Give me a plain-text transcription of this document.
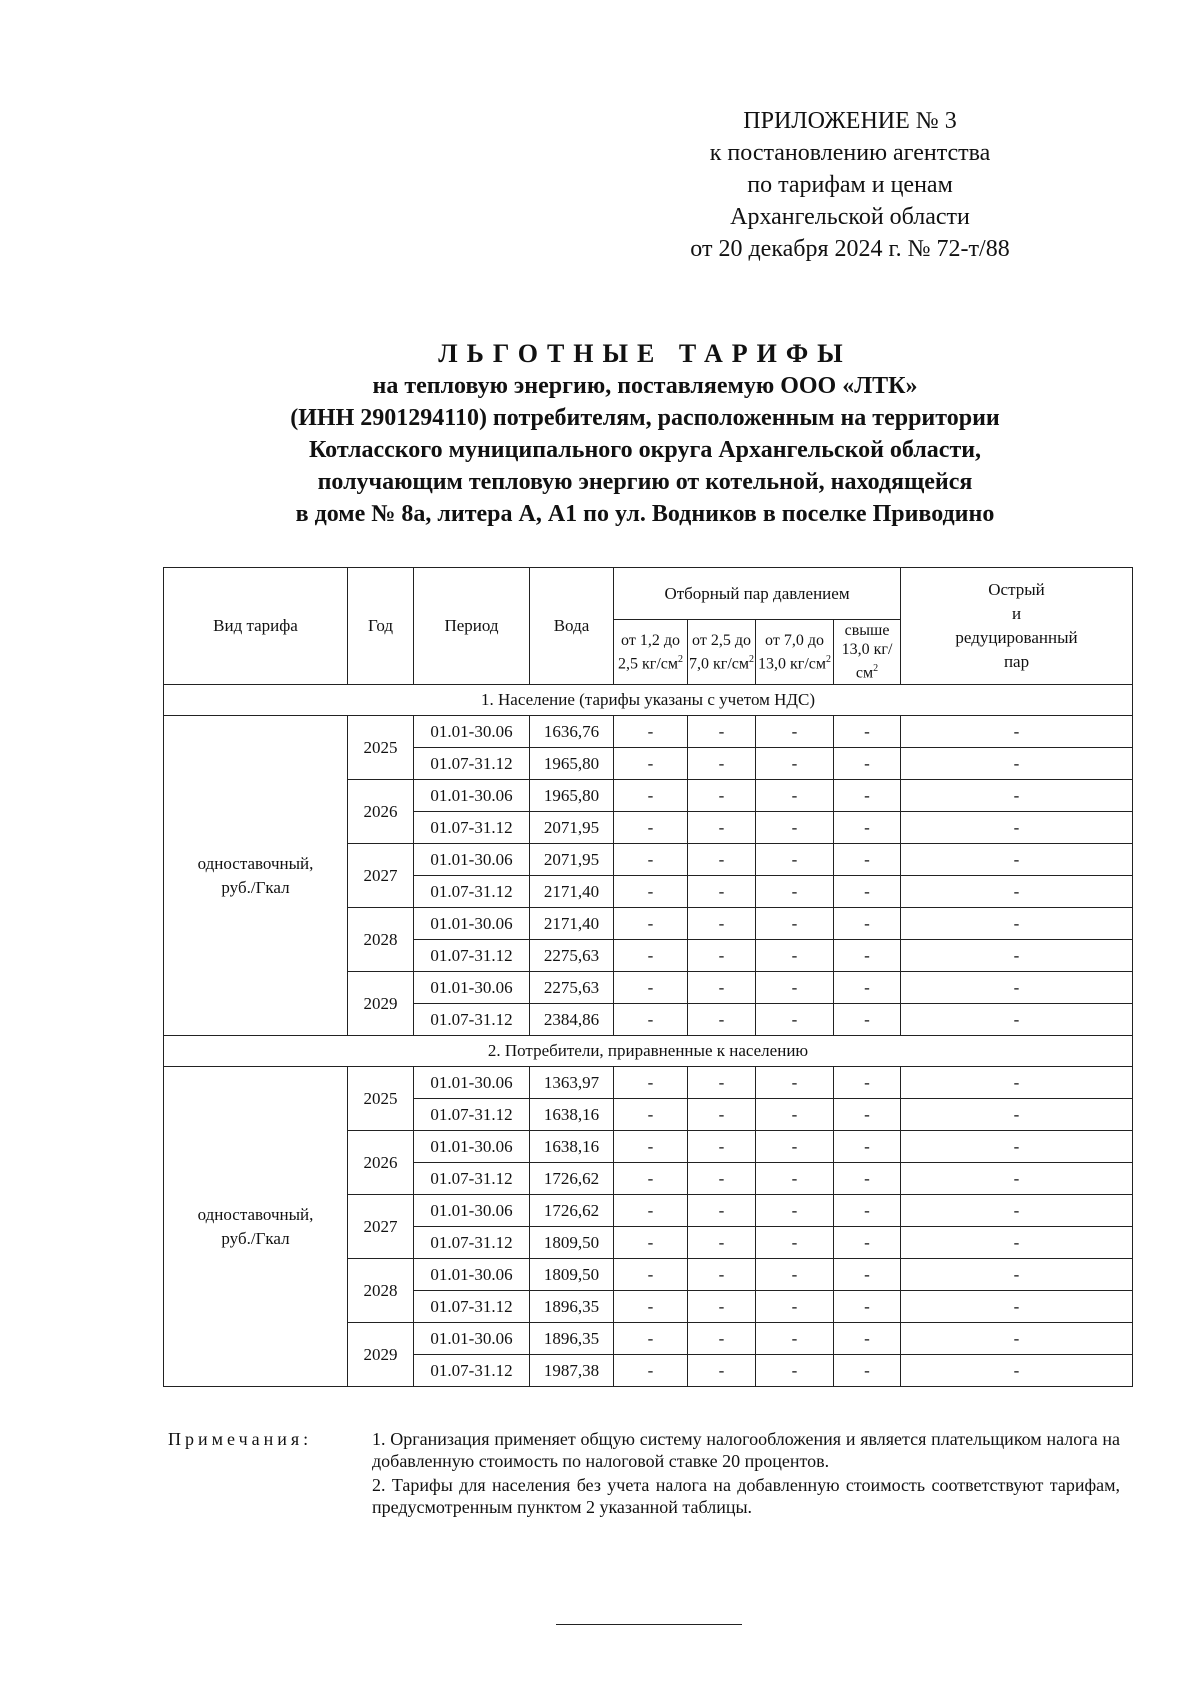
ПРИЛОЖЕНИЕ № 3
к постановлению агентства
по тарифам и ценам
Архангельской области
от 20 декабря 2024 г. № 72-т/88
ЛЬГОТНЫЕ ТАРИФЫ
на тепловую энергию, поставляемую ООО «ЛТК»
(ИНН 2901294110) потребителям, расположенным на территории
Котласского муниципального округа Архангельской области,
получающим тепловую энергию от котельной, находящейся
в доме № 8а, литера А, А1 по ул. Водников в поселке Приводино
Вид тарифа	Год	Период	Вода	Отборный пар давлением				Острый
и
редуцированный
пар

				от 1,2 до 2,5 $кг/см^2$	от 2,5 до 7,0 $кг/см^2$	от 7,0 до 13,0 $кг/см^2$	свыше 13,0 $кг/см^2$
1. Население (тарифы указаны с учетом НДС)								

одноставочный,
руб./Гкал	2025	01.01-30.06	1636,76	-	-	-	-	-
		01.07-31.12	1965,80	-	-	-	-	-
	2026	01.01-30.06	1965,80	-	-	-	-	-
		01.07-31.12	2071,95	-	-	-	-	-
	2027	01.01-30.06	2071,95	-	-	-	-	-
		01.07-31.12	2171,40	-	-	-	-	-
	2028	01.01-30.06	2171,40	-	-	-	-	-
		01.07-31.12	2275,63	-	-	-	-	-
	2029	01.01-30.06	2275,63	-	-	-	-	-
		01.07-31.12	2384,86	-	-	-	-	-
2. Потребители, приравненные к населению								

одноставочный,
руб./Гкал	2025	01.01-30.06	1363,97	-	-	-	-	-
		01.07-31.12	1638,16	-	-	-	-	-
	2026	01.01-30.06	1638,16	-	-	-	-	-
		01.07-31.12	1726,62	-	-	-	-	-
	2027	01.01-30.06	1726,62	-	-	-	-	-
		01.07-31.12	1809,50	-	-	-	-	-
	2028	01.01-30.06	1809,50	-	-	-	-	-
		01.07-31.12	1896,35	-	-	-	-	-
	2029	01.01-30.06	1896,35	-	-	-	-	-
		01.07-31.12	1987,38	-	-	-	-	-
Примечания:	1. Организация применяет общую систему налогообложения и является плательщиком налога на добавленную стоимость по налоговой ставке 20 процентов.
2. Тарифы для населения без учета налога на добавленную стоимость соответствуют тарифам, предусмотренным пунктом 2 указанной таблицы.
